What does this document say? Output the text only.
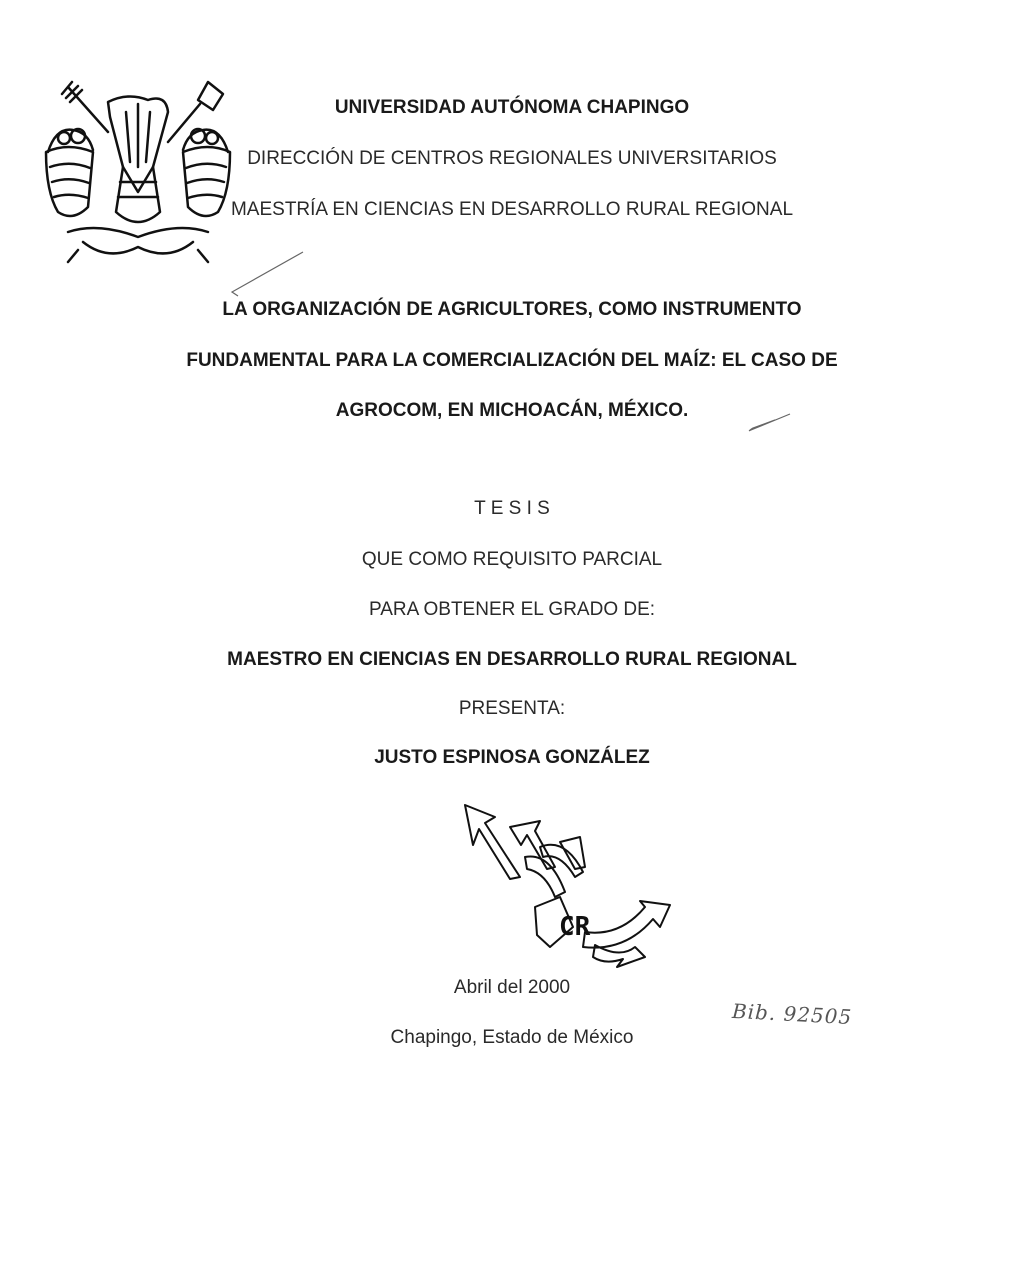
UNIVERSIDAD AUTÓNOMA CHAPINGO
DIRECCIÓN DE CENTROS REGIONALES UNIVERSITARIOS
MAESTRÍA EN CIENCIAS EN DESARROLLO RURAL REGIONAL
LA ORGANIZACIÓN DE AGRICULTORES, COMO INSTRUMENTO
FUNDAMENTAL PARA LA COMERCIALIZACIÓN DEL MAÍZ: EL CASO DE
AGROCOM, EN MICHOACÁN, MÉXICO.
T E S I S
QUE COMO REQUISITO PARCIAL
PARA OBTENER EL GRADO DE:
MAESTRO EN CIENCIAS EN DESARROLLO RURAL REGIONAL
PRESENTA:
JUSTO ESPINOSA GONZÁLEZ
CR
Abril del 2000
Chapingo, Estado de México
Bib. 92505
